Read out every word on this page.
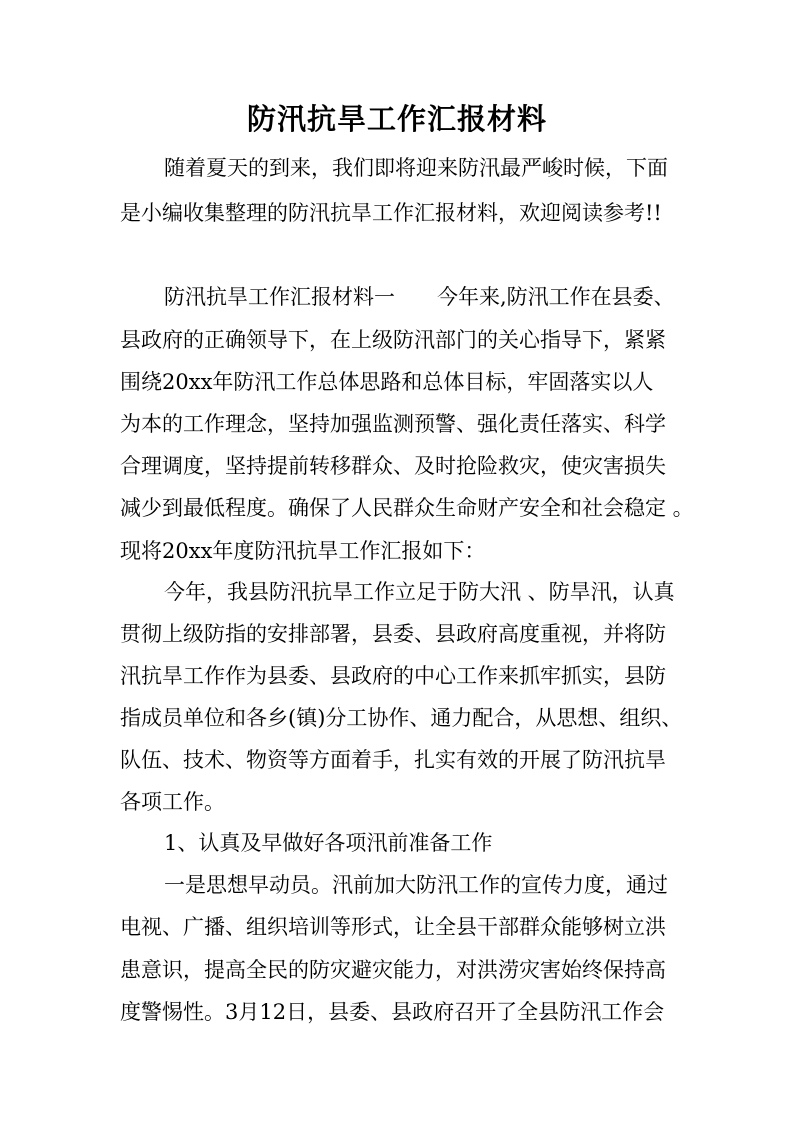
防汛抗旱工作汇报材料
随着夏天的到来，我们即将迎来防汛最严峻时候，下面
是小编收集整理的防汛抗旱工作汇报材料，欢迎阅读参考!!
防汛抗旱工作汇报材料一　　今年来,防汛工作在县委、
县政府的正确领导下，在上级防汛部门的关心指导下，紧紧
围绕20xx年防汛工作总体思路和总体目标，牢固落实以人
为本的工作理念，坚持加强监测预警、强化责任落实、科学
合理调度，坚持提前转移群众、及时抢险救灾，使灾害损失
减少到最低程度。确保了人民群众生命财产安全和社会稳定 。
现将20xx年度防汛抗旱工作汇报如下：
今年，我县防汛抗旱工作立足于防大汛 、防旱汛，认真
贯彻上级防指的安排部署，县委、县政府高度重视，并将防
汛抗旱工作作为县委、县政府的中心工作来抓牢抓实，县防
指成员单位和各乡(镇)分工协作、通力配合，从思想、组织、
队伍、技术、物资等方面着手，扎实有效的开展了防汛抗旱
各项工作。
1、认真及早做好各项汛前准备工作
一是思想早动员。汛前加大防汛工作的宣传力度，通过
电视、广播、组织培训等形式，让全县干部群众能够树立洪
患意识，提高全民的防灾避灾能力，对洪涝灾害始终保持高
度警惕性。3月12日，县委、县政府召开了全县防汛工作会
